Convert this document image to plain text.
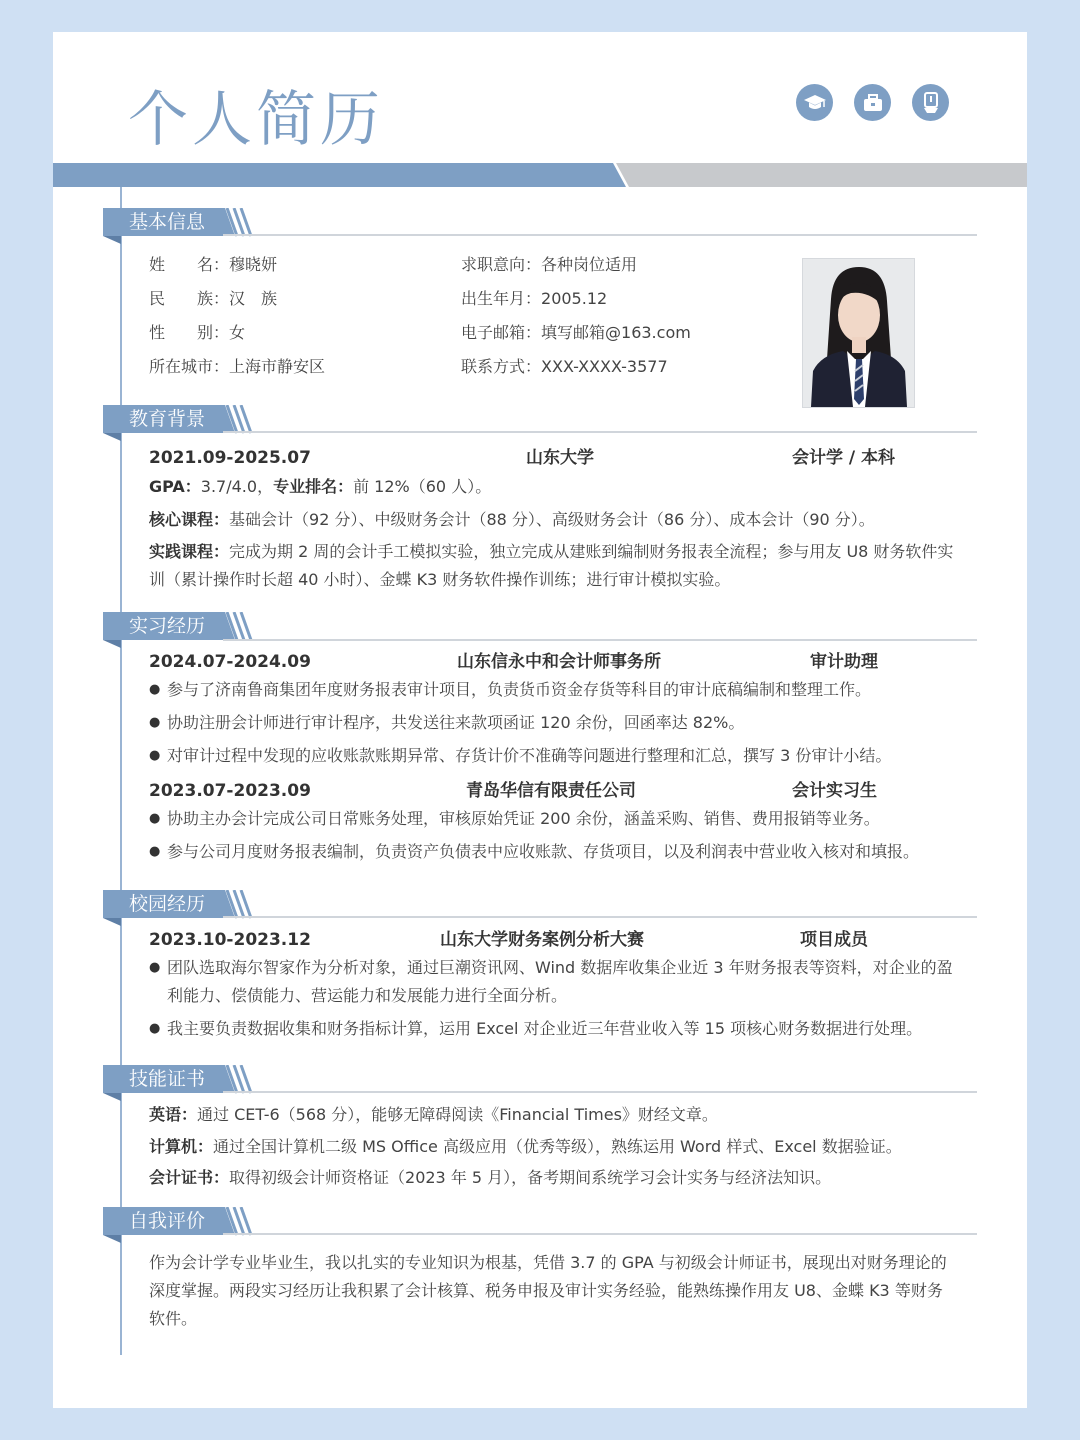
个人简历
基本信息
姓　　名：穆晓妍
民　　族：汉　族
性　　别：女
所在城市：上海市静安区
求职意向：各种岗位适用
出生年月：2005.12
电子邮箱：填写邮箱@163.com
联系方式：XXX-XXXX-3577
教育背景
2021.09-2025.07	山东大学	会计学 / 本科
GPA：3.7/4.0，专业排名：前 12%（60 人）。
核心课程：基础会计（92 分）、中级财务会计（88 分）、高级财务会计（86 分）、成本会计（90 分）。
实践课程：完成为期 2 周的会计手工模拟实验，独立完成从建账到编制财务报表全流程；参与用友 U8 财务软件实训（累计操作时长超 40 小时）、金蝶 K3 财务软件操作训练；进行审计模拟实验。
实习经历
2024.07-2024.09	山东信永中和会计师事务所	审计助理
● 参与了济南鲁商集团年度财务报表审计项目，负责货币资金存货等科目的审计底稿编制和整理工作。
● 协助注册会计师进行审计程序，共发送往来款项函证 120 余份，回函率达 82%。
● 对审计过程中发现的应收账款账期异常、存货计价不准确等问题进行整理和汇总，撰写 3 份审计小结。
2023.07-2023.09	青岛华信有限责任公司	会计实习生
● 协助主办会计完成公司日常账务处理，审核原始凭证 200 余份，涵盖采购、销售、费用报销等业务。
● 参与公司月度财务报表编制，负责资产负债表中应收账款、存货项目，以及利润表中营业收入核对和填报。
校园经历
2023.10-2023.12	山东大学财务案例分析大赛	项目成员
● 团队选取海尔智家作为分析对象，通过巨潮资讯网、Wind 数据库收集企业近 3 年财务报表等资料，对企业的盈利能力、偿债能力、营运能力和发展能力进行全面分析。
● 我主要负责数据收集和财务指标计算，运用 Excel 对企业近三年营业收入等 15 项核心财务数据进行处理。
技能证书
英语：通过 CET-6（568 分），能够无障碍阅读《Financial Times》财经文章。
计算机：通过全国计算机二级 MS Office 高级应用（优秀等级），熟练运用 Word 样式、Excel 数据验证。
会计证书：取得初级会计师资格证（2023 年 5 月），备考期间系统学习会计实务与经济法知识。
自我评价
作为会计学专业毕业生，我以扎实的专业知识为根基，凭借 3.7 的 GPA 与初级会计师证书，展现出对财务理论的深度掌握。两段实习经历让我积累了会计核算、税务申报及审计实务经验，能熟练操作用友 U8、金蝶 K3 等财务软件。
